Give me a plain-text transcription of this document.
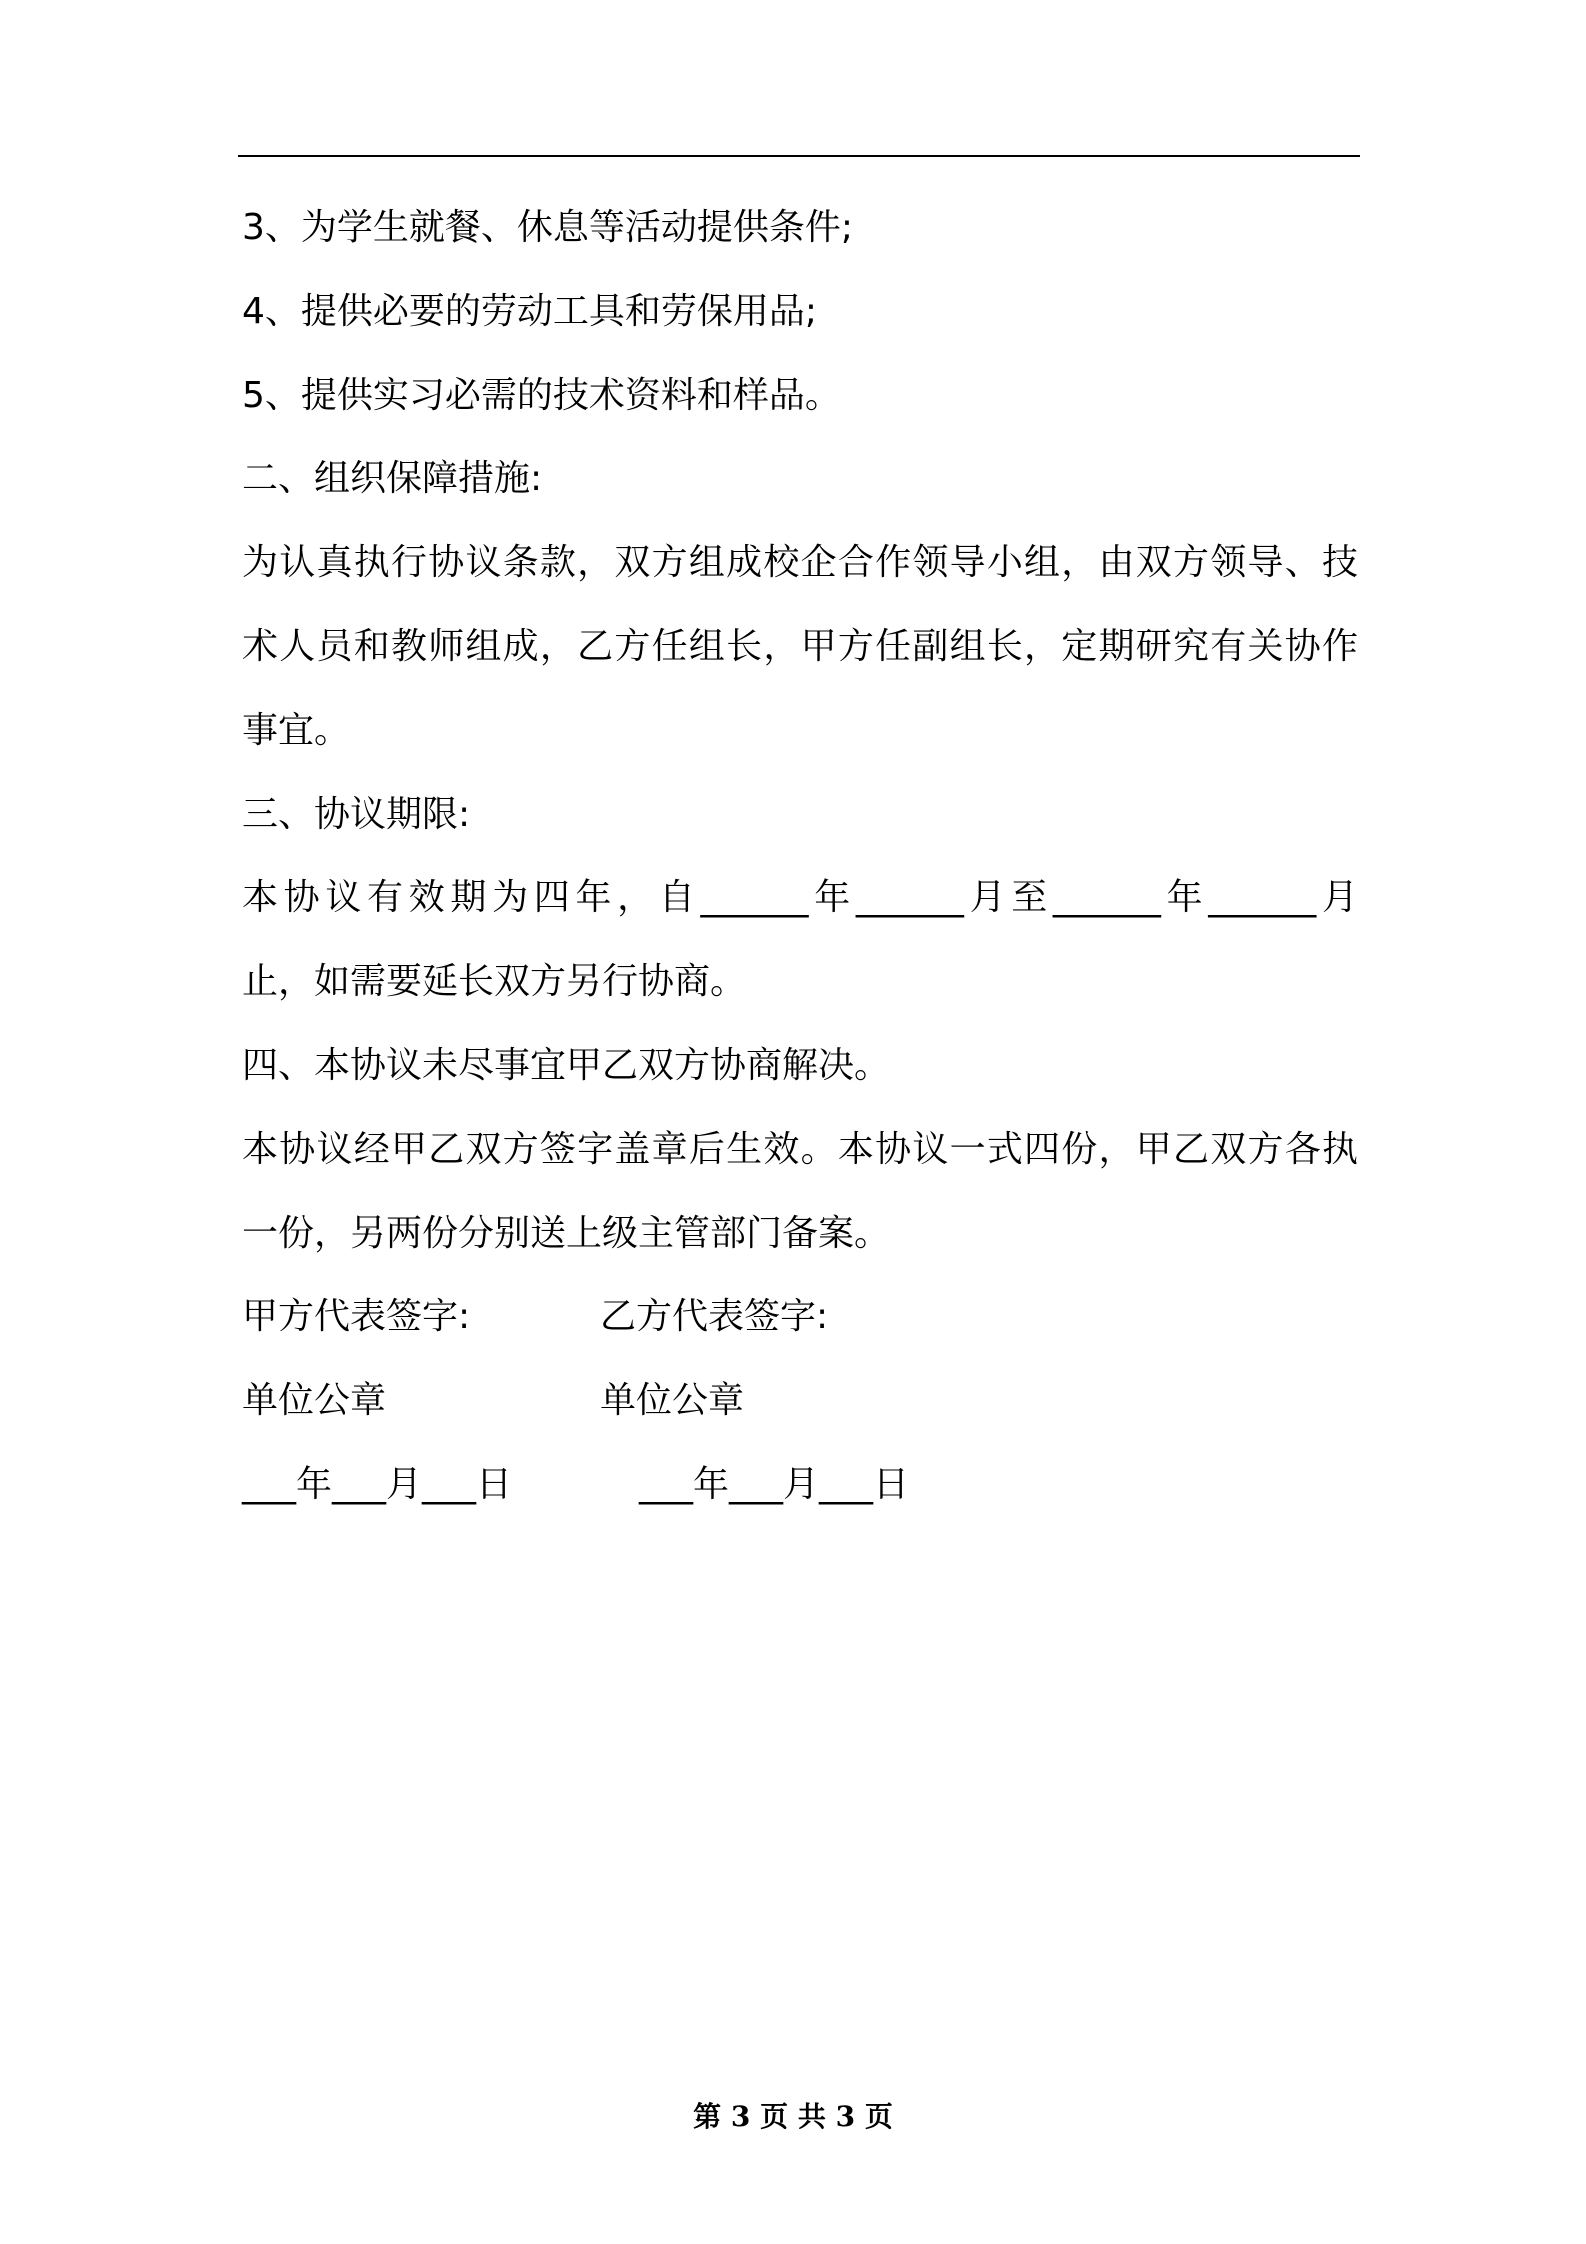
3、为学生就餐、休息等活动提供条件;
4、提供必要的劳动工具和劳保用品;
5、提供实习必需的技术资料和样品。
二、组织保障措施:
为认真执行协议条款，双方组成校企合作领导小组，由双方领导、技
术人员和教师组成，乙方任组长，甲方任副组长，定期研究有关协作
事宜。
三、协议期限:
本协议有效期为四年，自______年______月至______年______月
止，如需要延长双方另行协商。
四、本协议未尽事宜甲乙双方协商解决。
本协议经甲乙双方签字盖章后生效。本协议一式四份，甲乙双方各执
一份，另两份分别送上级主管部门备案。
甲方代表签字:	乙方代表签字:
单位公章	单位公章
___年___月___日	___年___月___日
第 3 页 共 3 页
